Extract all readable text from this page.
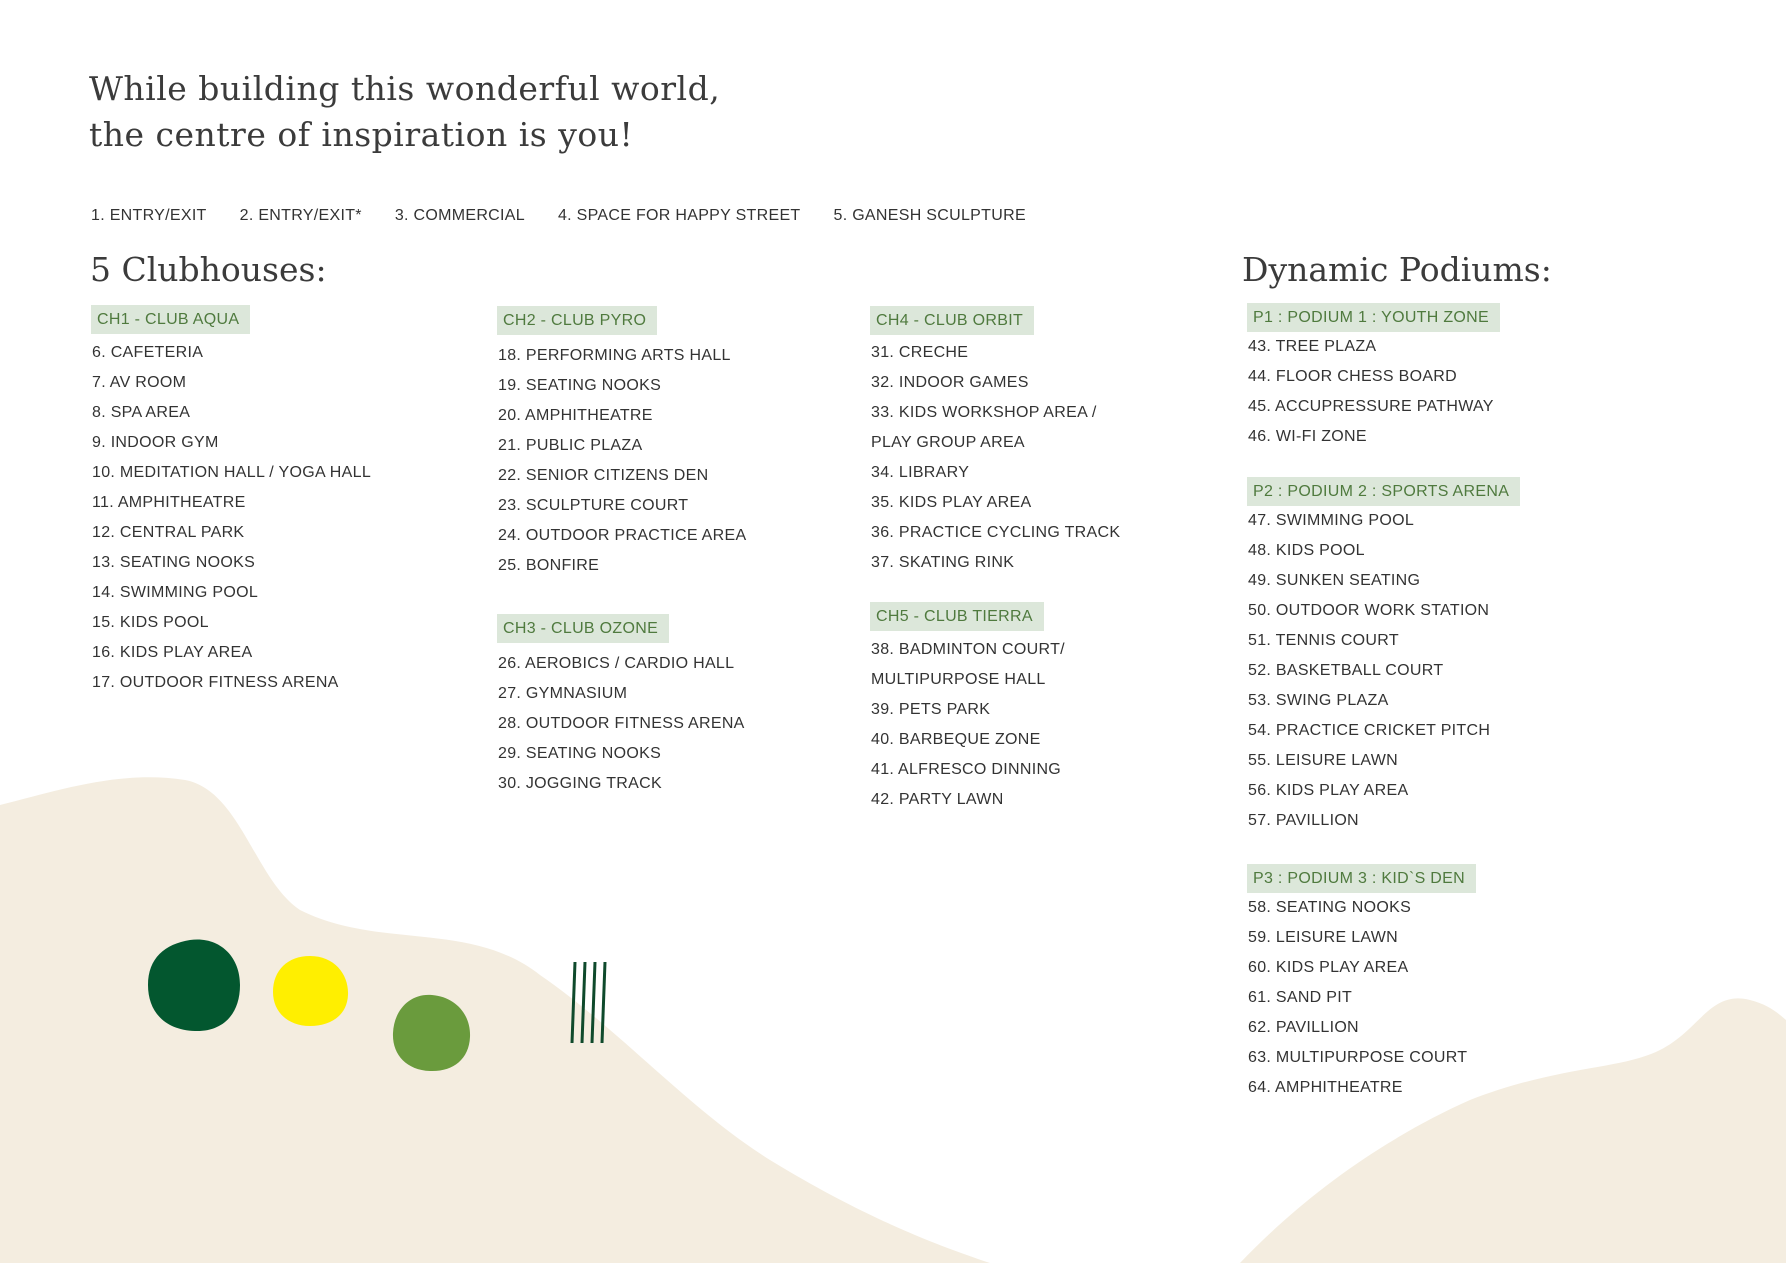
While building this wonderful world,
the centre of inspiration is you!
1. ENTRY/EXIT 2. ENTRY/EXIT* 3. COMMERCIAL 4. SPACE FOR HAPPY STREET 5. GANESH SCULPTURE
5 Clubhouses:	Dynamic Podiums:
CH1 - CLUB AQUA
6. CAFETERIA
7. AV ROOM
8. SPA AREA
9. INDOOR GYM
10. MEDITATION HALL / YOGA HALL
11. AMPHITHEATRE
12. CENTRAL PARK
13. SEATING NOOKS
14. SWIMMING POOL
15. KIDS POOL
16. KIDS PLAY AREA
17. OUTDOOR FITNESS ARENA
CH2 - CLUB PYRO
18. PERFORMING ARTS HALL
19. SEATING NOOKS
20. AMPHITHEATRE
21. PUBLIC PLAZA
22. SENIOR CITIZENS DEN
23. SCULPTURE COURT
24. OUTDOOR PRACTICE AREA
25. BONFIRE
CH3 - CLUB OZONE
26. AEROBICS / CARDIO HALL
27. GYMNASIUM
28. OUTDOOR FITNESS ARENA
29. SEATING NOOKS
30. JOGGING TRACK
CH4 - CLUB ORBIT
31. CRECHE
32. INDOOR GAMES
33. KIDS WORKSHOP AREA /
PLAY GROUP AREA
34. LIBRARY
35. KIDS PLAY AREA
36. PRACTICE CYCLING TRACK
37. SKATING RINK
CH5 - CLUB TIERRA
38. BADMINTON COURT/
MULTIPURPOSE HALL
39. PETS PARK
40. BARBEQUE ZONE
41. ALFRESCO DINNING
42. PARTY LAWN
P1 : PODIUM 1 : YOUTH ZONE
43. TREE PLAZA
44. FLOOR CHESS BOARD
45. ACCUPRESSURE PATHWAY
46. WI-FI ZONE
P2 : PODIUM 2 : SPORTS ARENA
47. SWIMMING POOL
48. KIDS POOL
49. SUNKEN SEATING
50. OUTDOOR WORK STATION
51. TENNIS COURT
52. BASKETBALL COURT
53. SWING PLAZA
54. PRACTICE CRICKET PITCH
55. LEISURE LAWN
56. KIDS PLAY AREA
57. PAVILLION
P3 : PODIUM 3 : KID`S DEN
58. SEATING NOOKS
59. LEISURE LAWN
60. KIDS PLAY AREA
61. SAND PIT
62. PAVILLION
63. MULTIPURPOSE COURT
64. AMPHITHEATRE
